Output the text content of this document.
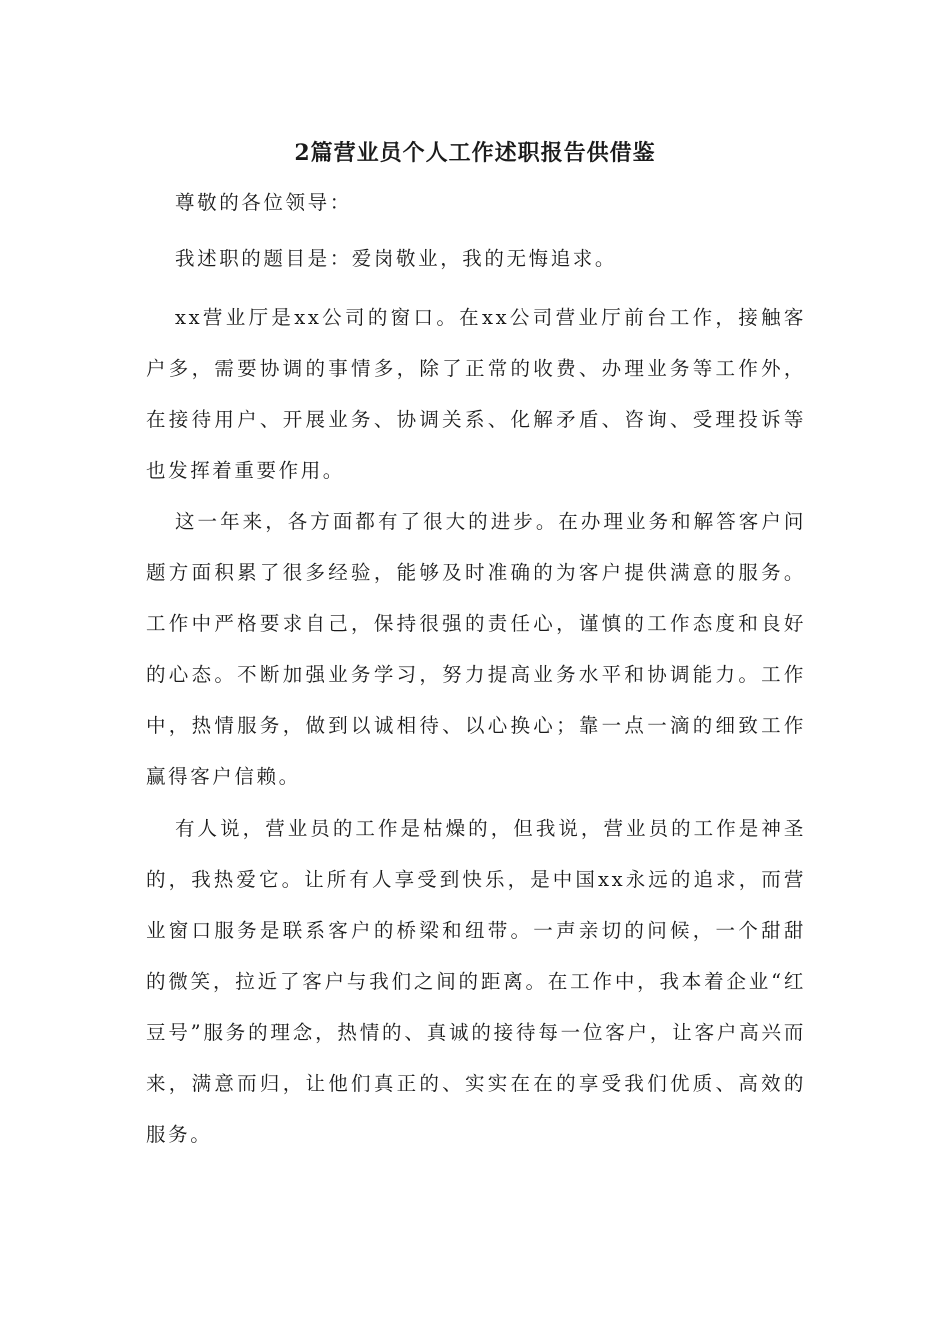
2篇营业员个人工作述职报告供借鉴

尊敬的各位领导：

我述职的题目是：爱岗敬业，我的无悔追求。

xx营业厅是xx公司的窗口。在xx公司营业厅前台工作，接触客户多，需要协调的事情多，除了正常的收费、办理业务等工作外，在接待用户、开展业务、协调关系、化解矛盾、咨询、受理投诉等也发挥着重要作用。

这一年来，各方面都有了很大的进步。在办理业务和解答客户问题方面积累了很多经验，能够及时准确的为客户提供满意的服务。工作中严格要求自己，保持很强的责任心，谨慎的工作态度和良好的心态。不断加强业务学习，努力提高业务水平和协调能力。工作中，热情服务，做到以诚相待、以心换心；靠一点一滴的细致工作赢得客户信赖。

有人说，营业员的工作是枯燥的，但我说，营业员的工作是神圣的，我热爱它。让所有人享受到快乐，是中国xx永远的追求，而营业窗口服务是联系客户的桥梁和纽带。一声亲切的问候，一个甜甜的微笑，拉近了客户与我们之间的距离。在工作中，我本着企业“红豆号”服务的理念，热情的、真诚的接待每一位客户，让客户高兴而来，满意而归，让他们真正的、实实在在的享受我们优质、高效的服务。
